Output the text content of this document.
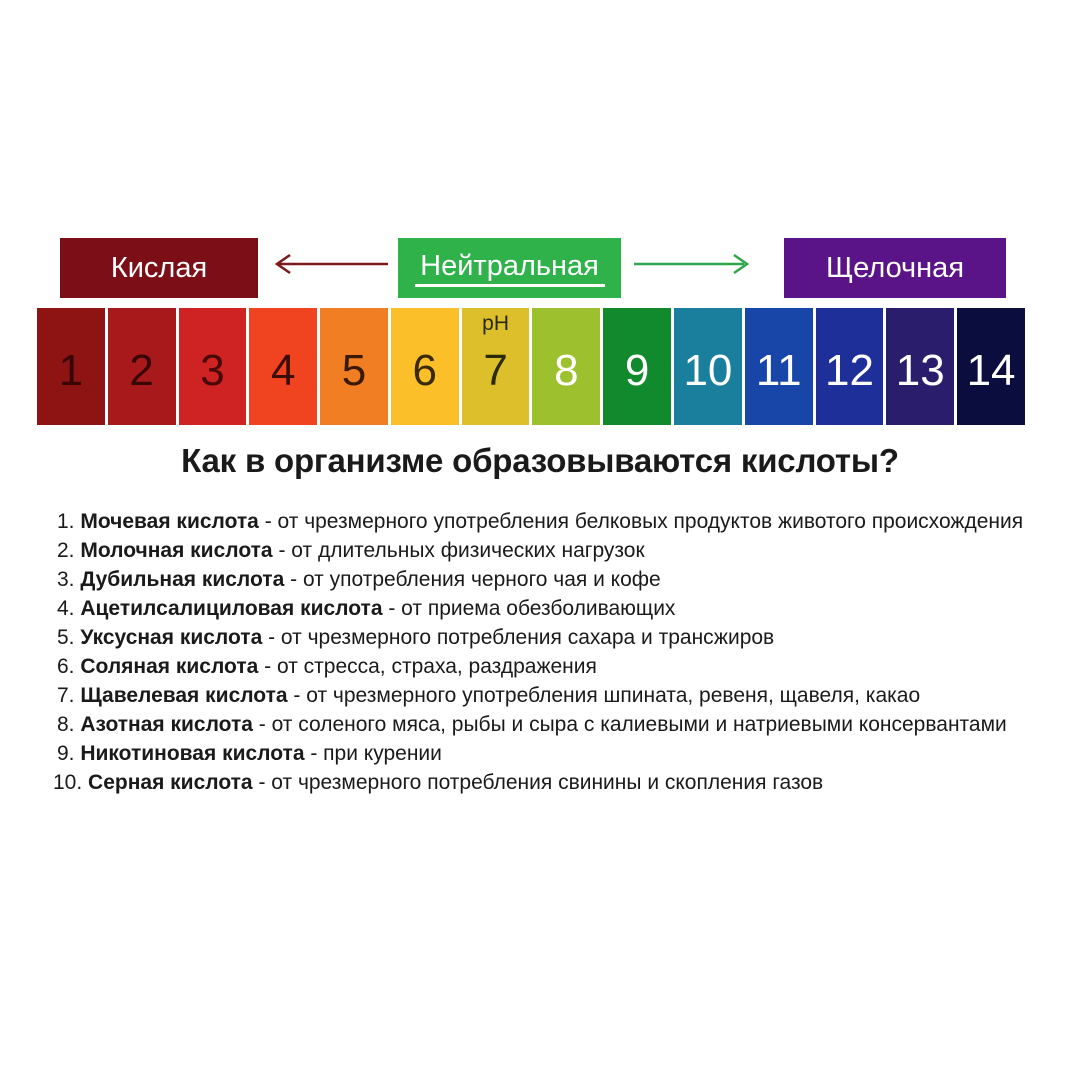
Кислая	Нейтральная	Щелочная
1 2 3 4 5 6
pH
7 8 9 10 11 12 13 14
Как в организме образовываются кислоты?

1. Мочевая кислота - от чрезмерного употребления белковых продуктов животого происхождения

2. Молочная кислота - от длительных физических нагрузок

3. Дубильная кислота - от употребления черного чая и кофе

4. Ацетилсалициловая кислота - от приема обезболивающих

5. Уксусная кислота - от чрезмерного потребления сахара и трансжиров

6. Соляная кислота - от стресса, страха, раздражения

7. Щавелевая кислота - от чрезмерного употребления шпината, ревеня, щавеля, какао

8. Азотная кислота - от соленого мяса, рыбы и сыра с калиевыми и натриевыми консервантами

9. Никотиновая кислота - при курении

10. Серная кислота - от чрезмерного потребления свинины и скопления газов
